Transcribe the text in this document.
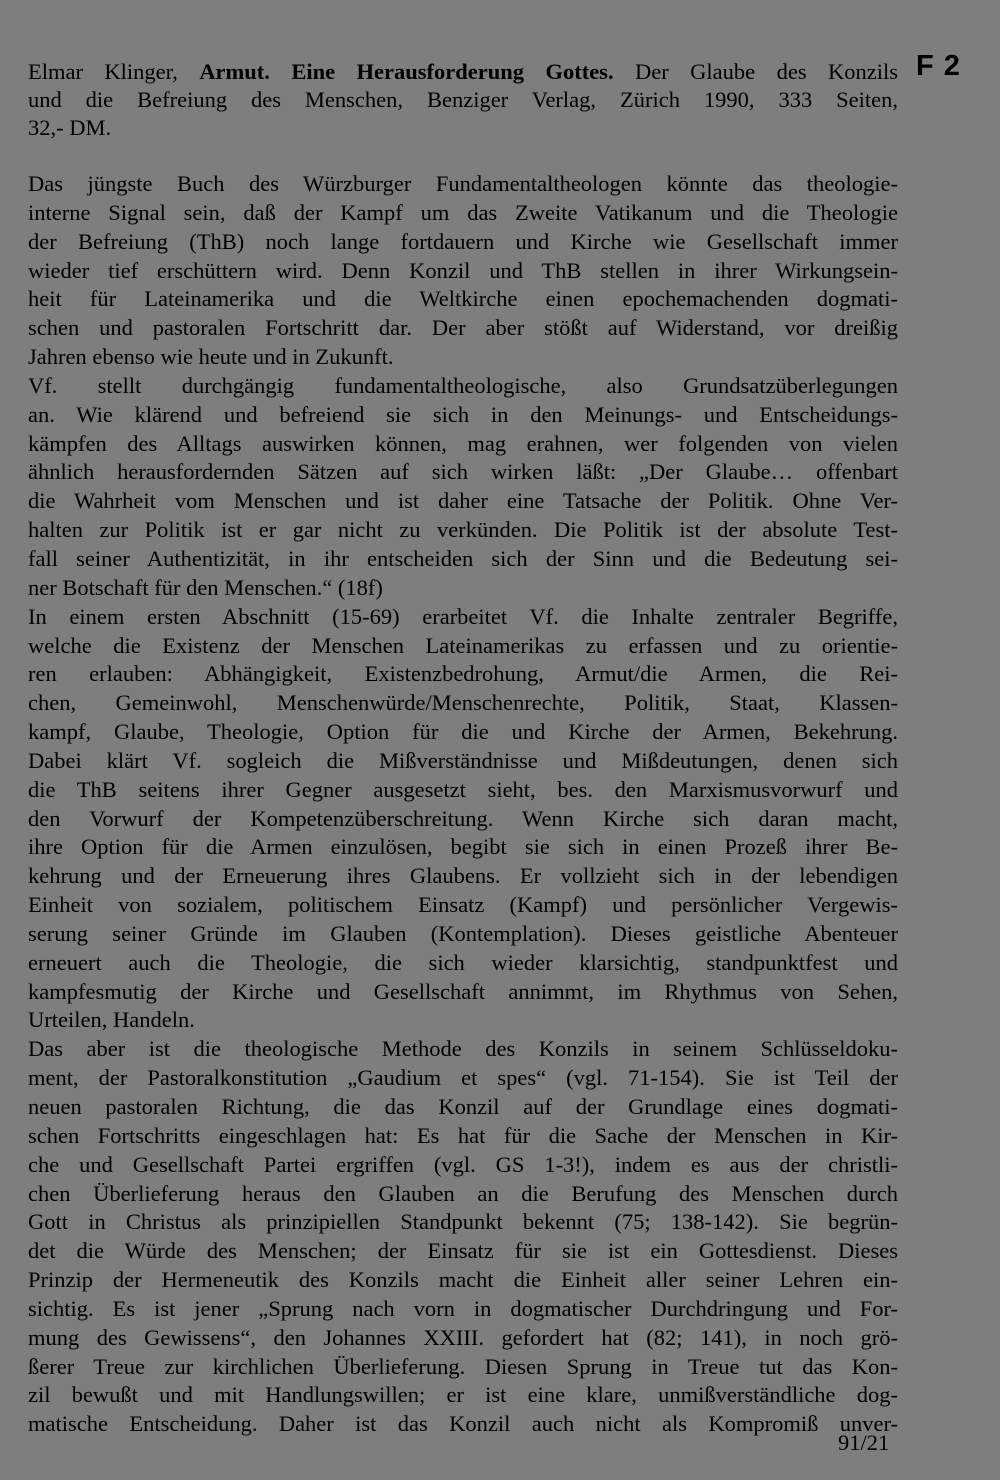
F 2

Elmar Klinger, Armut. Eine Herausforderung Gottes. Der Glaube des Konzils
und die Befreiung des Menschen, Benziger Verlag, Zürich 1990, 333 Seiten,
32,- DM.

Das jüngste Buch des Würzburger Fundamentaltheologen könnte das theologie-
interne Signal sein, daß der Kampf um das Zweite Vatikanum und die Theologie
der Befreiung (ThB) noch lange fortdauern und Kirche wie Gesellschaft immer
wieder tief erschüttern wird. Denn Konzil und ThB stellen in ihrer Wirkungsein-
heit für Lateinamerika und die Weltkirche einen epochemachenden dogmati-
schen und pastoralen Fortschritt dar. Der aber stößt auf Widerstand, vor dreißig
Jahren ebenso wie heute und in Zukunft.
Vf. stellt durchgängig fundamentaltheologische, also Grundsatzüberlegungen
an. Wie klärend und befreiend sie sich in den Meinungs- und Entscheidungs-
kämpfen des Alltags auswirken können, mag erahnen, wer folgenden von vielen
ähnlich herausfordernden Sätzen auf sich wirken läßt: „Der Glaube… offenbart
die Wahrheit vom Menschen und ist daher eine Tatsache der Politik. Ohne Ver-
halten zur Politik ist er gar nicht zu verkünden. Die Politik ist der absolute Test-
fall seiner Authentizität, in ihr entscheiden sich der Sinn und die Bedeutung sei-
ner Botschaft für den Menschen.“ (18f)
In einem ersten Abschnitt (15-69) erarbeitet Vf. die Inhalte zentraler Begriffe,
welche die Existenz der Menschen Lateinamerikas zu erfassen und zu orientie-
ren erlauben: Abhängigkeit, Existenzbedrohung, Armut/die Armen, die Rei-
chen, Gemeinwohl, Menschenwürde/Menschenrechte, Politik, Staat, Klassen-
kampf, Glaube, Theologie, Option für die und Kirche der Armen, Bekehrung.
Dabei klärt Vf. sogleich die Mißverständnisse und Mißdeutungen, denen sich
die ThB seitens ihrer Gegner ausgesetzt sieht, bes. den Marxismusvorwurf und
den Vorwurf der Kompetenzüberschreitung. Wenn Kirche sich daran macht,
ihre Option für die Armen einzulösen, begibt sie sich in einen Prozeß ihrer Be-
kehrung und der Erneuerung ihres Glaubens. Er vollzieht sich in der lebendigen
Einheit von sozialem, politischem Einsatz (Kampf) und persönlicher Vergewis-
serung seiner Gründe im Glauben (Kontemplation). Dieses geistliche Abenteuer
erneuert auch die Theologie, die sich wieder klarsichtig, standpunktfest und
kampfesmutig der Kirche und Gesellschaft annimmt, im Rhythmus von Sehen,
Urteilen, Handeln.
Das aber ist die theologische Methode des Konzils in seinem Schlüsseldoku-
ment, der Pastoralkonstitution „Gaudium et spes“ (vgl. 71-154). Sie ist Teil der
neuen pastoralen Richtung, die das Konzil auf der Grundlage eines dogmati-
schen Fortschritts eingeschlagen hat: Es hat für die Sache der Menschen in Kir-
che und Gesellschaft Partei ergriffen (vgl. GS 1-3!), indem es aus der christli-
chen Überlieferung heraus den Glauben an die Berufung des Menschen durch
Gott in Christus als prinzipiellen Standpunkt bekennt (75; 138-142). Sie begrün-
det die Würde des Menschen; der Einsatz für sie ist ein Gottesdienst. Dieses
Prinzip der Hermeneutik des Konzils macht die Einheit aller seiner Lehren ein-
sichtig. Es ist jener „Sprung nach vorn in dogmatischer Durchdringung und For-
mung des Gewissens“, den Johannes XXIII. gefordert hat (82; 141), in noch grö-
ßerer Treue zur kirchlichen Überlieferung. Diesen Sprung in Treue tut das Kon-
zil bewußt und mit Handlungswillen; er ist eine klare, unmißverständliche dog-
matische Entscheidung. Daher ist das Konzil auch nicht als Kompromiß unver-
91/21
